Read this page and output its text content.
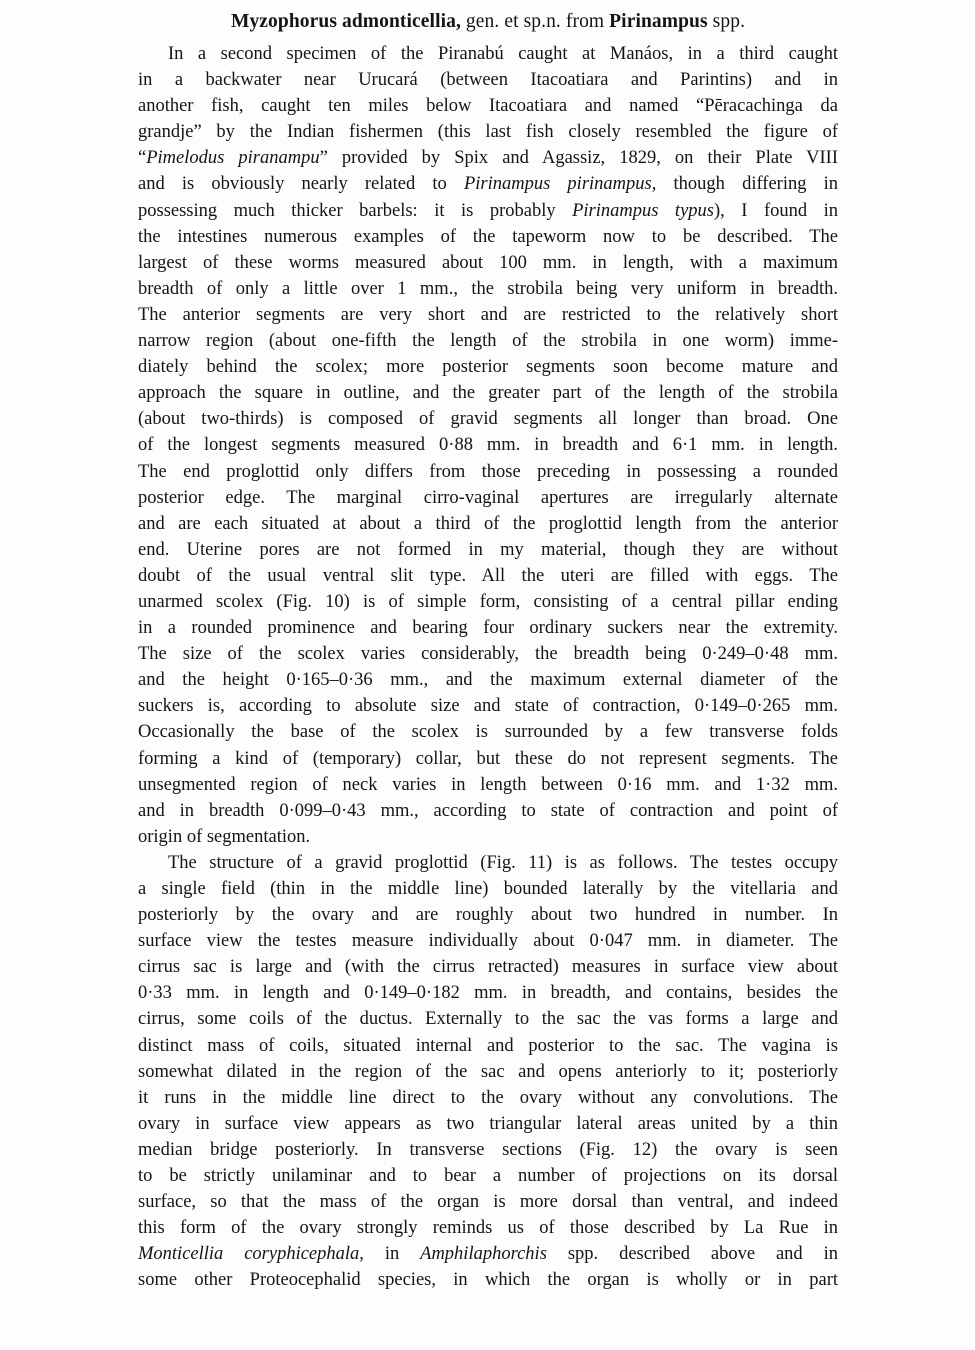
Myzophorus admonticellia, gen. et sp.n. from Pirinampus spp.
In a second specimen of the Piranabú caught at Manáos, in a third caught
in a backwater near Urucará (between Itacoatiara and Parintins) and in
another fish, caught ten miles below Itacoatiara and named “Pēracachinga da
grandje” by the Indian fishermen (this last fish closely resembled the figure of
“Pimelodus piranampu” provided by Spix and Agassiz, 1829, on their Plate VIII
and is obviously nearly related to Pirinampus pirinampus, though differing in
possessing much thicker barbels: it is probably Pirinampus typus), I found in
the intestines numerous examples of the tapeworm now to be described. The
largest of these worms measured about 100 mm. in length, with a maximum
breadth of only a little over 1 mm., the strobila being very uniform in breadth.
The anterior segments are very short and are restricted to the relatively short
narrow region (about one-fifth the length of the strobila in one worm) imme-
diately behind the scolex; more posterior segments soon become mature and
approach the square in outline, and the greater part of the length of the strobila
(about two-thirds) is composed of gravid segments all longer than broad. One
of the longest segments measured 0·88 mm. in breadth and 6·1 mm. in length.
The end proglottid only differs from those preceding in possessing a rounded
posterior edge. The marginal cirro-vaginal apertures are irregularly alternate
and are each situated at about a third of the proglottid length from the anterior
end. Uterine pores are not formed in my material, though they are without
doubt of the usual ventral slit type. All the uteri are filled with eggs. The
unarmed scolex (Fig. 10) is of simple form, consisting of a central pillar ending
in a rounded prominence and bearing four ordinary suckers near the extremity.
The size of the scolex varies considerably, the breadth being 0·249–0·48 mm.
and the height 0·165–0·36 mm., and the maximum external diameter of the
suckers is, according to absolute size and state of contraction, 0·149–0·265 mm.
Occasionally the base of the scolex is surrounded by a few transverse folds
forming a kind of (temporary) collar, but these do not represent segments. The
unsegmented region of neck varies in length between 0·16 mm. and 1·32 mm.
and in breadth 0·099–0·43 mm., according to state of contraction and point of
origin of segmentation.
The structure of a gravid proglottid (Fig. 11) is as follows. The testes occupy
a single field (thin in the middle line) bounded laterally by the vitellaria and
posteriorly by the ovary and are roughly about two hundred in number. In
surface view the testes measure individually about 0·047 mm. in diameter. The
cirrus sac is large and (with the cirrus retracted) measures in surface view about
0·33 mm. in length and 0·149–0·182 mm. in breadth, and contains, besides the
cirrus, some coils of the ductus. Externally to the sac the vas forms a large and
distinct mass of coils, situated internal and posterior to the sac. The vagina is
somewhat dilated in the region of the sac and opens anteriorly to it; posteriorly
it runs in the middle line direct to the ovary without any convolutions. The
ovary in surface view appears as two triangular lateral areas united by a thin
median bridge posteriorly. In transverse sections (Fig. 12) the ovary is seen
to be strictly unilaminar and to bear a number of projections on its dorsal
surface, so that the mass of the organ is more dorsal than ventral, and indeed
this form of the ovary strongly reminds us of those described by La Rue in
Monticellia coryphicephala, in Amphilaphorchis spp. described above and in
some other Proteocephalid species, in which the organ is wholly or in part
